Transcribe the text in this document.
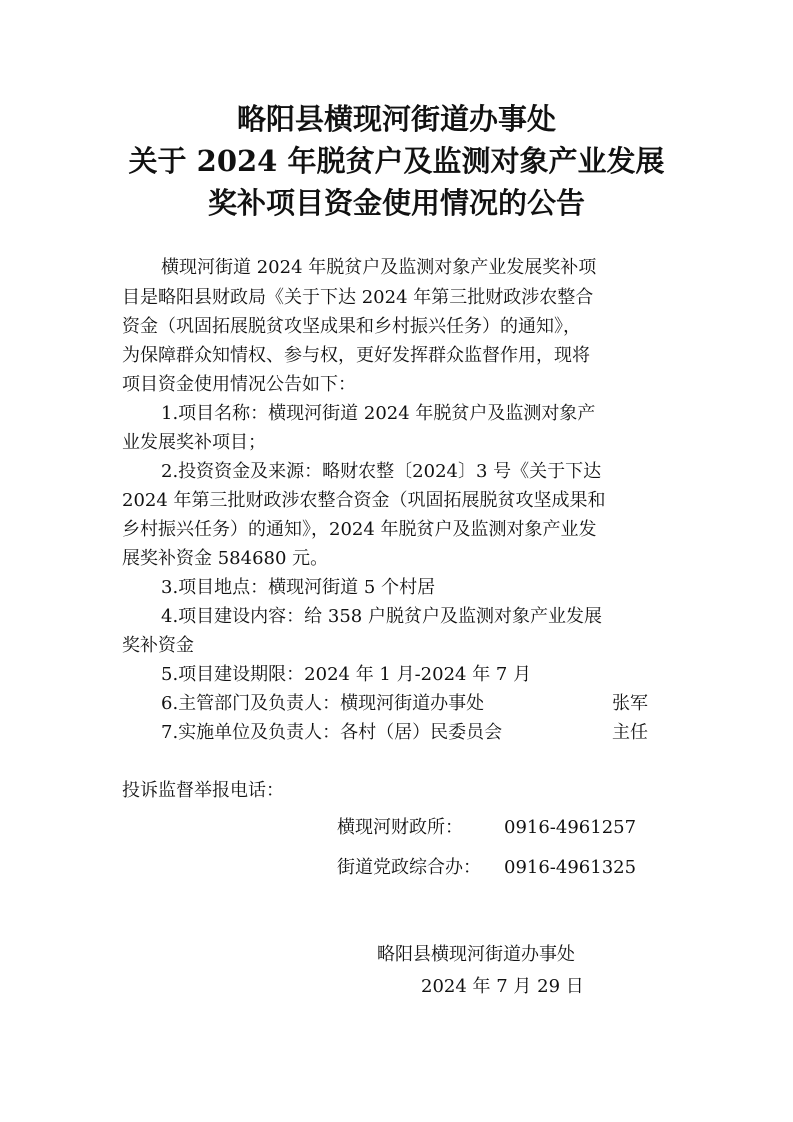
略阳县横现河街道办事处
关于 2024 年脱贫户及监测对象产业发展
奖补项目资金使用情况的公告

横现河街道 2024 年脱贫户及监测对象产业发展奖补项

目是略阳县财政局《关于下达 2024 年第三批财政涉农整合

资金（巩固拓展脱贫攻坚成果和乡村振兴任务）的通知》，

为保障群众知情权、参与权，更好发挥群众监督作用，现将

项目资金使用情况公告如下：

1.项目名称：横现河街道 2024 年脱贫户及监测对象产

业发展奖补项目；

2.投资资金及来源：略财农整〔2024〕3 号《关于下达

2024 年第三批财政涉农整合资金（巩固拓展脱贫攻坚成果和

乡村振兴任务）的通知》，2024 年脱贫户及监测对象产业发

展奖补资金 584680 元。

3.项目地点：横现河街道 5 个村居

4.项目建设内容：给 358 户脱贫户及监测对象产业发展

奖补资金

5.项目建设期限：2024 年 1 月-2024 年 7 月

6.主管部门及负责人：横现河街道办事处	张军

7.实施单位及负责人：各村（居）民委员会	主任

投诉监督举报电话：

横现河财政所： 0916-4961257
街道党政综合办： 0916-4961325
略阳县横现河街道办事处
2024 年 7 月 29 日
